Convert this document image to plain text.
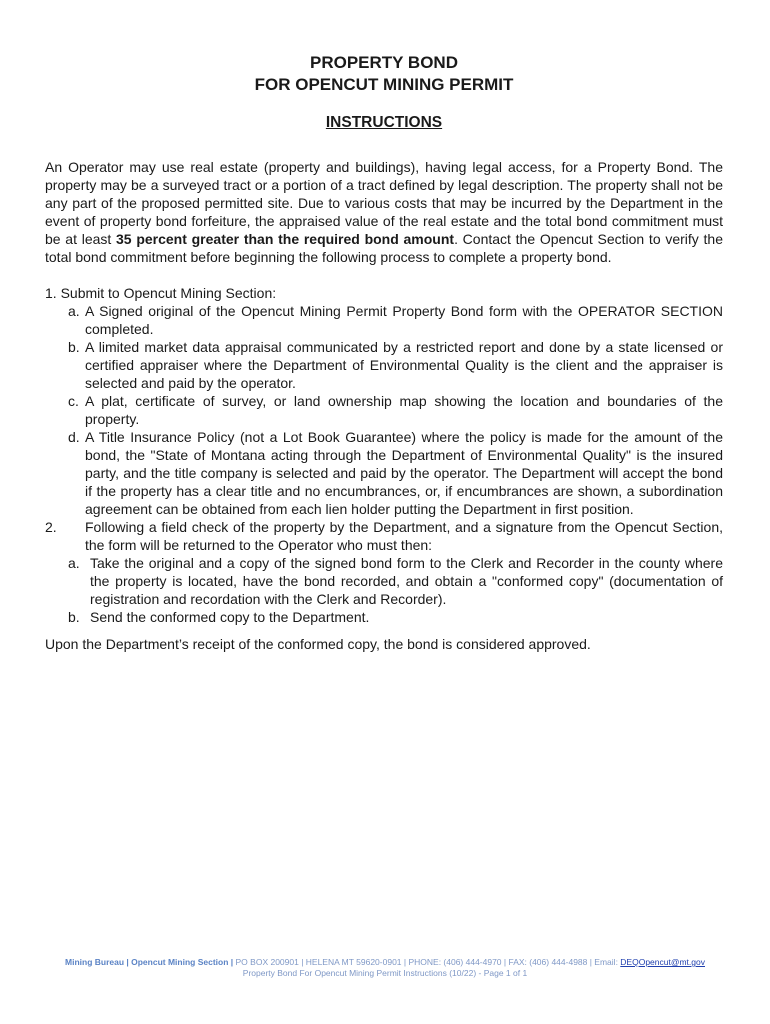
PROPERTY BOND

FOR OPENCUT MINING PERMIT

INSTRUCTIONS

An Operator may use real estate (property and buildings), having legal access, for a Property Bond. The property may be a surveyed tract or a portion of a tract defined by legal description. The property shall not be any part of the proposed permitted site. Due to various costs that may be incurred by the Department in the event of property bond forfeiture, the appraised value of the real estate and the total bond commitment must be at least 35 percent greater than the required bond amount. Contact the Opencut Section to verify the total bond commitment before beginning the following process to complete a property bond.
1. Submit to Opencut Mining Section:
a. A Signed original of the Opencut Mining Permit Property Bond form with the OPERATOR SECTION completed.
b. A limited market data appraisal communicated by a restricted report and done by a state licensed or certified appraiser where the Department of Environmental Quality is the client and the appraiser is selected and paid by the operator.
c. A plat, certificate of survey, or land ownership map showing the location and boundaries of the property.
d. A Title Insurance Policy (not a Lot Book Guarantee) where the policy is made for the amount of the bond, the "State of Montana acting through the Department of Environmental Quality" is the insured party, and the title company is selected and paid by the operator. The Department will accept the bond if the property has a clear title and no encumbrances, or, if encumbrances are shown, a subordination agreement can be obtained from each lien holder putting the Department in first position.
2. Following a field check of the property by the Department, and a signature from the Opencut Section, the form will be returned to the Operator who must then:
a. Take the original and a copy of the signed bond form to the Clerk and Recorder in the county where the property is located, have the bond recorded, and obtain a "conformed copy" (documentation of registration and recordation with the Clerk and Recorder).
b. Send the conformed copy to the Department.
Upon the Department’s receipt of the conformed copy, the bond is considered approved.
Mining Bureau | Opencut Mining Section | PO BOX 200901 | HELENA MT 59620-0901 | PHONE: (406) 444-4970 | FAX: (406) 444-4988 | Email: DEQOpencut@mt.gov
Property Bond For Opencut Mining Permit Instructions (10/22) - Page 1 of 1
